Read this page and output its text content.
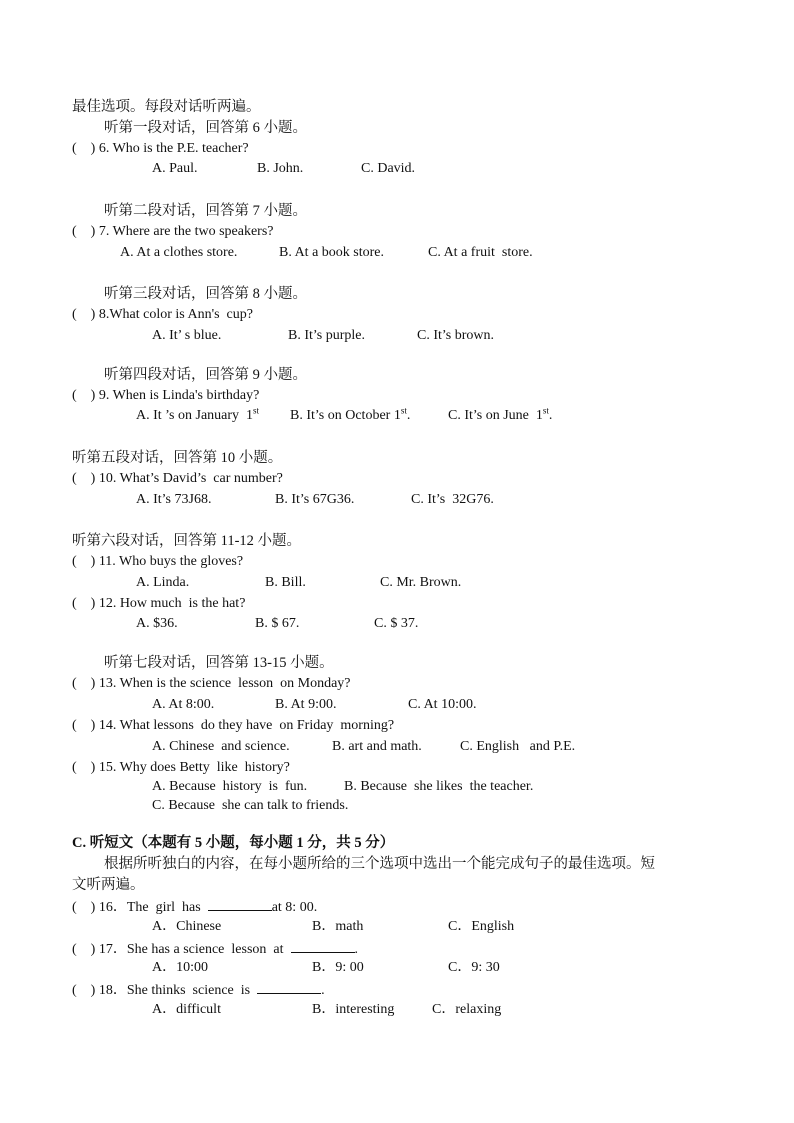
最佳选项。每段对话听两遍。
听第一段对话，回答第 6 小题。
(    ) 6. Who is the P.E. teacher?
A. Paul.	B. John.	C. David.
听第二段对话，回答第 7 小题。
(    ) 7. Where are the two speakers?
A. At a clothes store.	B. At a book store.	C. At a fruit  store.
听第三段对话，回答第 8 小题。
(    ) 8.What color is Ann's  cup?
A. It’ s blue.	B. It’s purple.	C. It’s brown.
听第四段对话，回答第 9 小题。
(    ) 9. When is Linda's birthday?
A. It ’s on January  1st B. It’s on October 1st.	C. It’s on June  1st.
听第五段对话，回答第 10 小题。
(    ) 10. What’s David’s  car number?
A. It’s 73J68.	B. It’s 67G36.	C. It’s  32G76.
听第六段对话，回答第 11-12 小题。
(    ) 11. Who buys the gloves?
A. Linda.	B. Bill.	C. Mr. Brown.
(    ) 12. How much  is the hat?
A. $36.	B. $ 67.	C. $ 37.
听第七段对话，回答第 13-15 小题。
(    ) 13. When is the science  lesson  on Monday?
A. At 8:00.	B. At 9:00.	C. At 10:00.
(    ) 14. What lessons  do they have  on Friday  morning?
A. Chinese  and science.	B. art and math.	C. English   and P.E.
(    ) 15. Why does Betty  like  history?
A. Because  history  is  fun.	B. Because  she likes  the teacher.
C. Because  she can talk to friends.
C. 听短文（本题有 5 小题，每小题 1 分，共 5 分）
根据所听独白的内容，在每小题所给的三个选项中选出一个能完成句子的最佳选项。短
文听两遍。
(    ) 16．The  girl  has	at 8: 00.
A．Chinese	B．math	C．English
(    ) 17．She has a science  lesson  at	.
A．10:00	B．9: 00	C．9: 30
(    ) 18．She thinks  science  is	.
A．difficult	B．interesting	C．relaxing
